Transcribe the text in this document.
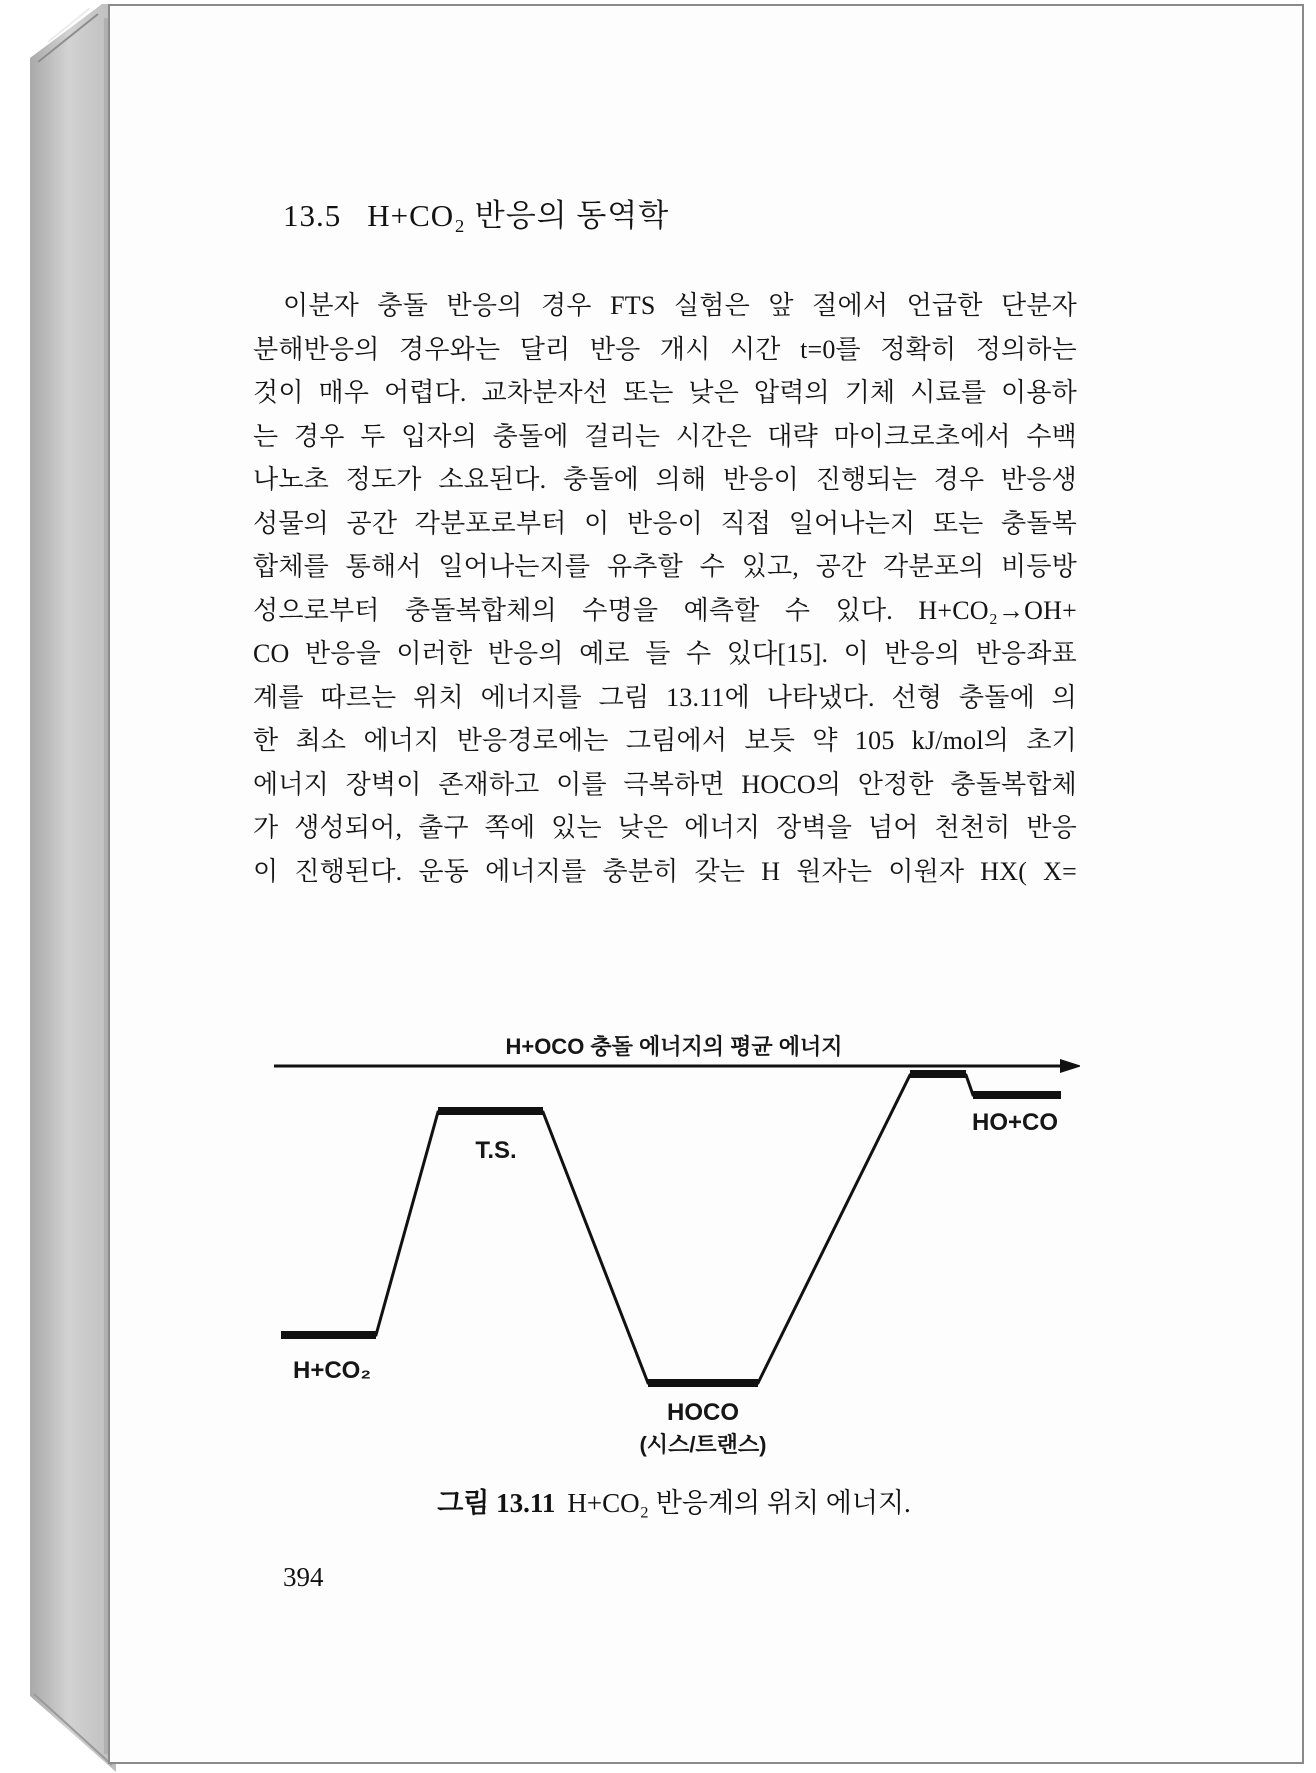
13.5 H+CO₂ 반응의 동역학
이분자 충돌 반응의 경우 FTS 실험은 앞 절에서 언급한 단분자
분해반응의 경우와는 달리 반응 개시 시간 t=0를 정확히 정의하는
것이 매우 어렵다. 교차분자선 또는 낮은 압력의 기체 시료를 이용하
는 경우 두 입자의 충돌에 걸리는 시간은 대략 마이크로초에서 수백
나노초 정도가 소요된다. 충돌에 의해 반응이 진행되는 경우 반응생
성물의 공간 각분포로부터 이 반응이 직접 일어나는지 또는 충돌복
합체를 통해서 일어나는지를 유추할 수 있고, 공간 각분포의 비등방
성으로부터 충돌복합체의 수명을 예측할 수 있다. H+CO₂→OH+
CO 반응을 이러한 반응의 예로 들 수 있다[15]. 이 반응의 반응좌표
계를 따르는 위치 에너지를 그림 13.11에 나타냈다. 선형 충돌에 의
한 최소 에너지 반응경로에는 그림에서 보듯 약 105 kJ/mol의 초기
에너지 장벽이 존재하고 이를 극복하면 HOCO의 안정한 충돌복합체
가 생성되어, 출구 쪽에 있는 낮은 에너지 장벽을 넘어 천천히 반응
이 진행된다. 운동 에너지를 충분히 갖는 H 원자는 이원자 HX( X=
H+OCO 충돌 에너지의 평균 에너지
T.S.
H+CO₂
HOCO
(시스/트랜스)
HO+CO
그림 13.11 H+CO₂ 반응계의 위치 에너지.
394
